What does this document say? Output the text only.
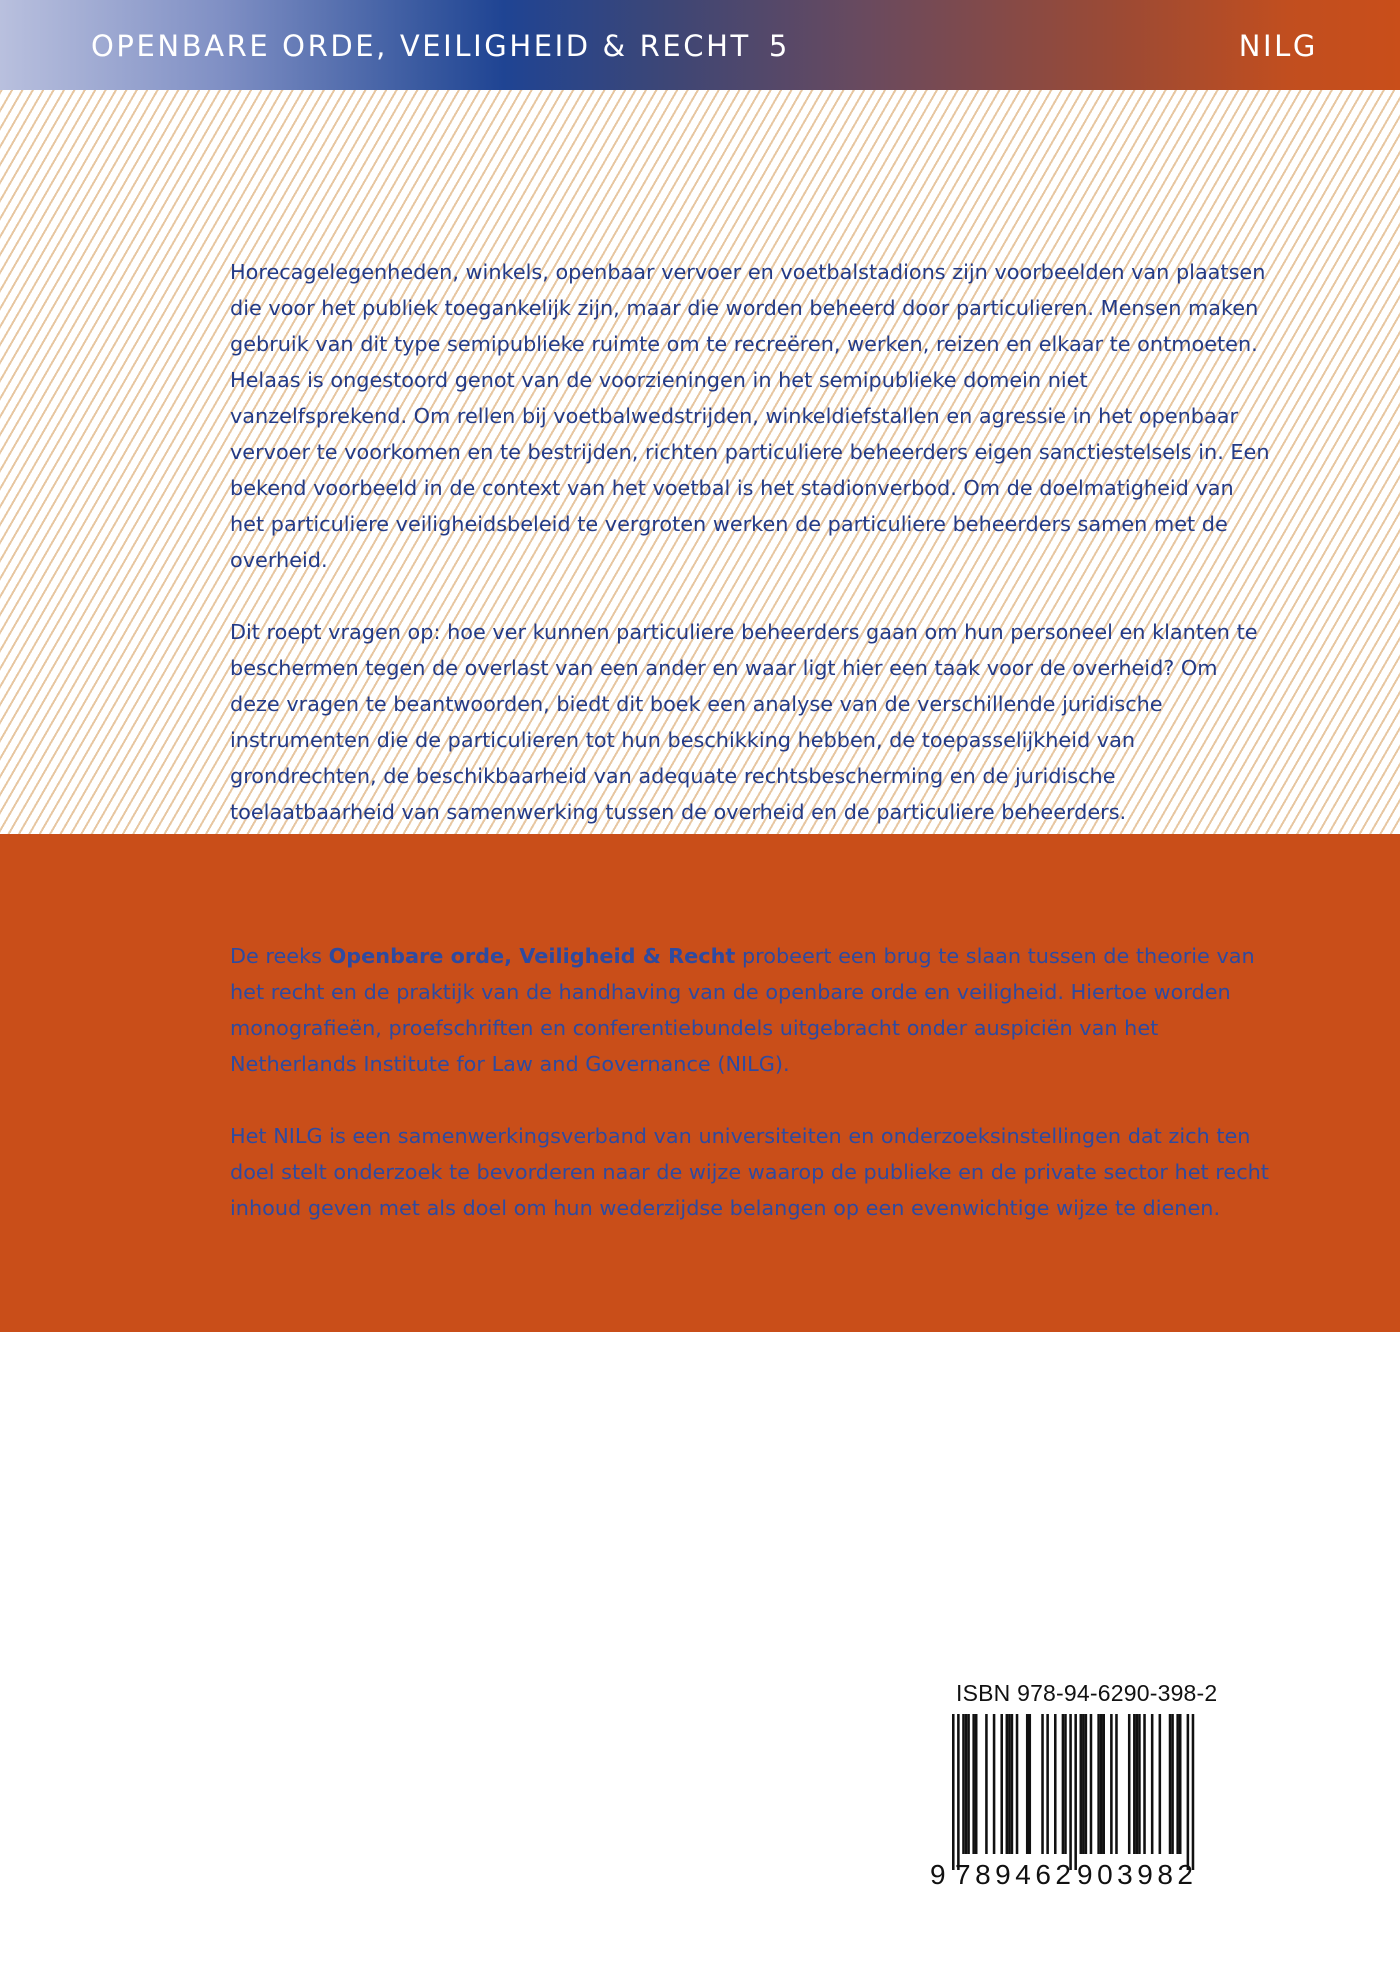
OPENBARE ORDE, VEILIGHEID & RECHT 5	NILG

Horecagelegenheden, winkels, openbaar vervoer en voetbalstadions zijn voorbeelden van plaatsen die voor het publiek toegankelijk zijn, maar die worden beheerd door particulieren. Mensen maken gebruik van dit type semipublieke ruimte om te recreëren, werken, reizen en elkaar te ontmoeten. Helaas is ongestoord genot van de voorzieningen in het semipublieke domein niet vanzelfsprekend. Om rellen bij voetbalwedstrijden, winkeldiefstallen en agressie in het openbaar vervoer te voorkomen en te bestrijden, richten particuliere beheerders eigen sanctiestelsels in. Een bekend voorbeeld in de context van het voetbal is het stadionverbod. Om de doelmatigheid van het particuliere veiligheidsbeleid te vergroten werken de particuliere beheerders samen met de overheid.

Dit roept vragen op: hoe ver kunnen particuliere beheerders gaan om hun personeel en klanten te beschermen tegen de overlast van een ander en waar ligt hier een taak voor de overheid? Om deze vragen te beantwoorden, biedt dit boek een analyse van de verschillende juridische instrumenten die de particulieren tot hun beschikking hebben, de toepasselijkheid van grondrechten, de beschikbaarheid van adequate rechtsbescherming en de juridische toelaatbaarheid van samenwerking tussen de overheid en de particuliere beheerders.

De reeks Openbare orde, Veiligheid & Recht probeert een brug te slaan tussen de theorie van het recht en de praktijk van de handhaving van de openbare orde en veiligheid. Hiertoe worden monografieën, proefschriften en conferentiebundels uitgebracht onder auspiciën van het Netherlands Institute for Law and Governance (NILG).

Het NILG is een samenwerkingsverband van universiteiten en onderzoeksinstellingen dat zich ten doel stelt onderzoek te bevorderen naar de wijze waarop de publieke en de private sector het recht inhoud geven met als doel om hun wederzijdse belangen op een evenwichtige wijze te dienen.

ISBN 978-94-6290-398-2
9 789462 903982
